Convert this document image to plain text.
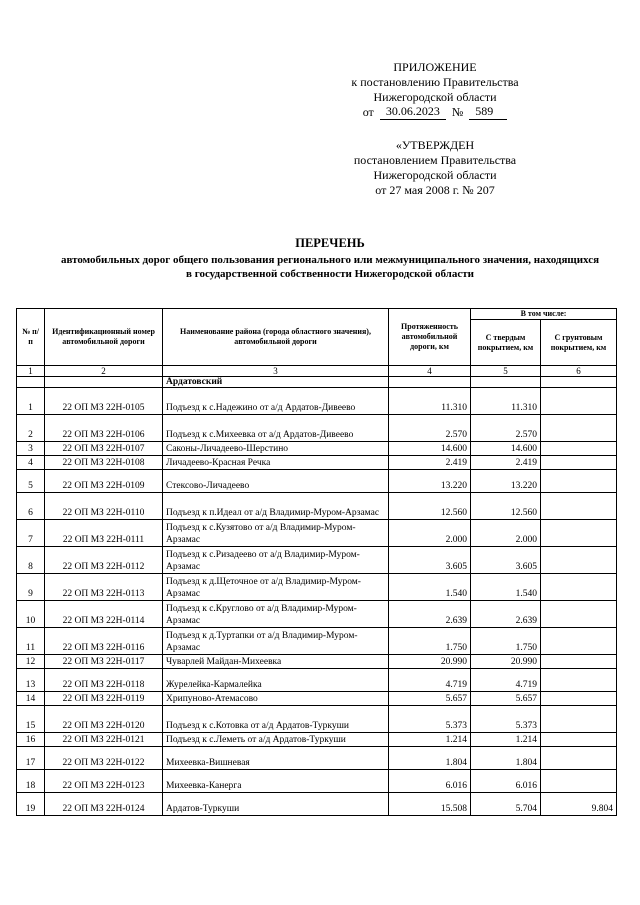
ПРИЛОЖЕНИЕ
к постановлению Правительства
Нижегородской области
от	30.06.2023	№	589
«УТВЕРЖДЕН
постановлением Правительства
Нижегородской области
от 27 мая 2008 г. № 207
ПЕРЕЧЕНЬ
автомобильных дорог общего пользования регионального или межмуниципального значения, находящихся в государственной собственности Нижегородской области
№ п/п	Идентификационный номер автомобильной дороги	Наименование района (города областного значения), автомобильной дороги	Протяженность автомобильной дороги, км	В том числе:	
				С твердым покрытием, км	С грунтовым покрытием, км
1	2	3	4	5	6
		Ардатовский			
1	22 ОП МЗ 22Н-0105	Подъезд к с.Надежино от а/д Ардатов-Дивеево	11.310	11.310	
2	22 ОП МЗ 22Н-0106	Подъезд к с.Михеевка от а/д Ардатов-Дивеево	2.570	2.570	
3	22 ОП МЗ 22Н-0107	Саконы-Личадеево-Шерстино	14.600	14.600	
4	22 ОП МЗ 22Н-0108	Личадеево-Красная Речка	2.419	2.419	
5	22 ОП МЗ 22Н-0109	Стексово-Личадеево	13.220	13.220	
6	22 ОП МЗ 22Н-0110	Подъезд к п.Идеал от а/д Владимир-Муром-Арзамас	12.560	12.560	
7	22 ОП МЗ 22Н-0111	Подъезд к с.Кузятово от а/д Владимир-Муром-Арзамас	2.000	2.000	
8	22 ОП МЗ 22Н-0112	Подъезд к с.Ризадеево от а/д Владимир-Муром-Арзамас	3.605	3.605	
9	22 ОП МЗ 22Н-0113	Подъезд к д.Щеточное от а/д Владимир-Муром-Арзамас	1.540	1.540	
10	22 ОП МЗ 22Н-0114	Подъезд к с.Круглово от а/д Владимир-Муром-Арзамас	2.639	2.639	
11	22 ОП МЗ 22Н-0116	Подъезд к д.Туртапки от а/д Владимир-Муром-Арзамас	1.750	1.750	
12	22 ОП МЗ 22Н-0117	Чуварлей Майдан-Михеевка	20.990	20.990	
13	22 ОП МЗ 22Н-0118	Журелейка-Кармалейка	4.719	4.719	
14	22 ОП МЗ 22Н-0119	Хрипуново-Атемасово	5.657	5.657	
15	22 ОП МЗ 22Н-0120	Подъезд к с.Котовка от а/д Ардатов-Туркуши	5.373	5.373	
16	22 ОП МЗ 22Н-0121	Подъезд к с.Леметь от а/д Ардатов-Туркуши	1.214	1.214	
17	22 ОП МЗ 22Н-0122	Михеевка-Вишневая	1.804	1.804	
18	22 ОП МЗ 22Н-0123	Михеевка-Канерга	6.016	6.016	
19	22 ОП МЗ 22Н-0124	Ардатов-Туркуши	15.508	5.704	9.804
